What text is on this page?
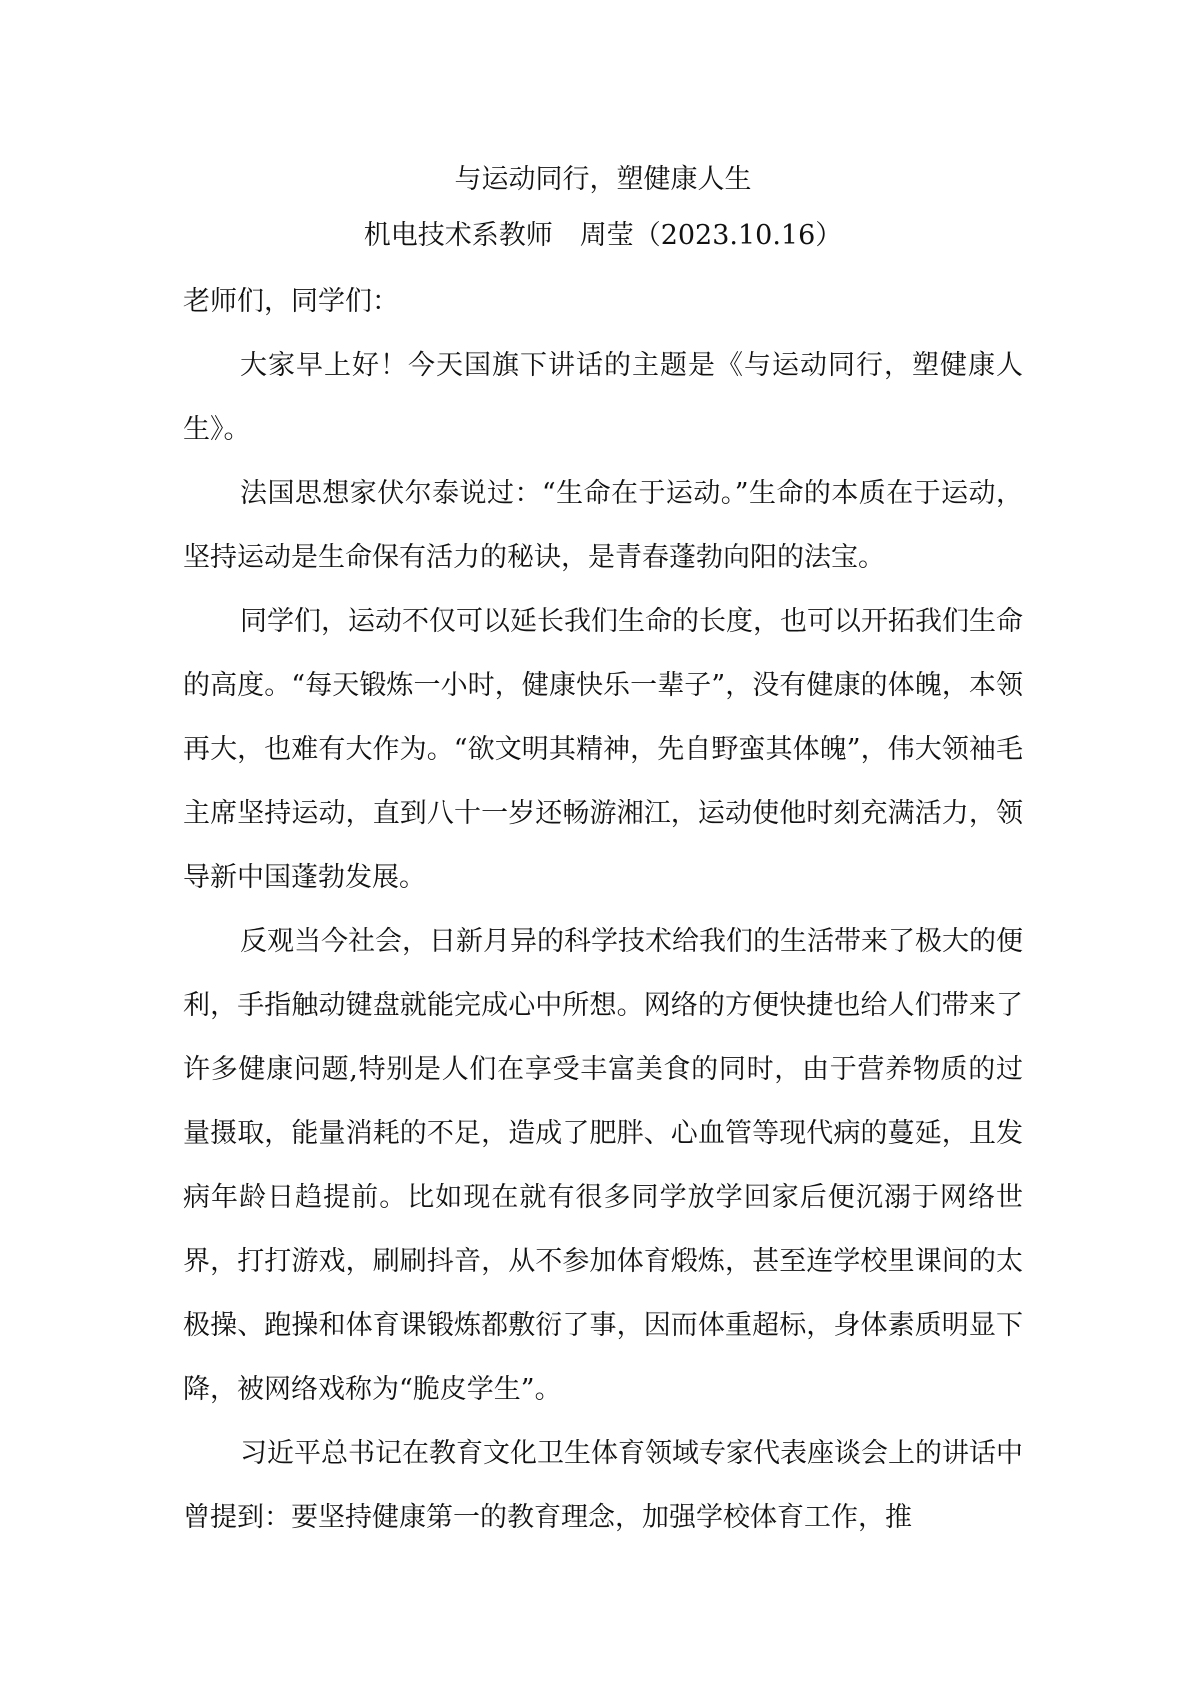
与运动同行，塑健康人生
机电技术系教师　周莹（2023.10.16）

老师们，同学们：

大家早上好！今天国旗下讲话的主题是《与运动同行，塑健康人生》。

法国思想家伏尔泰说过：“生命在于运动。”生命的本质在于运动，坚持运动是生命保有活力的秘诀，是青春蓬勃向阳的法宝。

同学们，运动不仅可以延长我们生命的长度，也可以开拓我们生命的高度。“每天锻炼一小时，健康快乐一辈子”，没有健康的体魄，本领再大，也难有大作为。“欲文明其精神，先自野蛮其体魄”，伟大领袖毛主席坚持运动，直到八十一岁还畅游湘江，运动使他时刻充满活力，领导新中国蓬勃发展。

反观当今社会，日新月异的科学技术给我们的生活带来了极大的便利，手指触动键盘就能完成心中所想。网络的方便快捷也给人们带来了许多健康问题,特别是人们在享受丰富美食的同时，由于营养物质的过量摄取，能量消耗的不足，造成了肥胖、心血管等现代病的蔓延，且发病年龄日趋提前。比如现在就有很多同学放学回家后便沉溺于网络世界，打打游戏，刷刷抖音，从不参加体育煅炼，甚至连学校里课间的太极操、跑操和体育课锻炼都敷衍了事，因而体重超标，身体素质明显下降，被网络戏称为“脆皮学生”。

习近平总书记在教育文化卫生体育领域专家代表座谈会上的讲话中曾提到：要坚持健康第一的教育理念，加强学校体育工作，推
